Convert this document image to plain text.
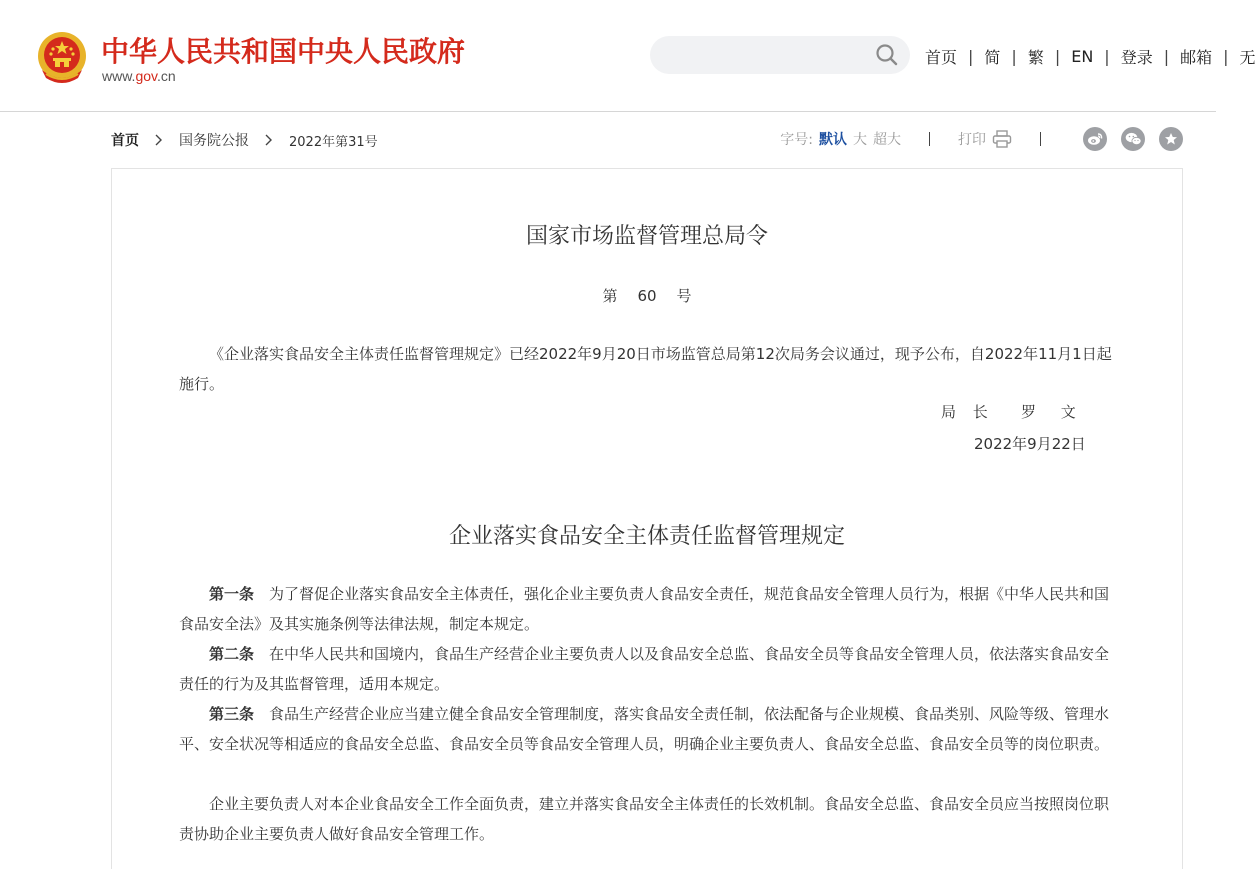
中华人民共和国中央人民政府
www.gov.cn
首页 | 简 | 繁 | EN | 登录 | 邮箱 | 无
首页	国务院公报	2022年第31号	字号: 默认 大 超大	打印
国家市场监督管理总局令
第 60 号
《企业落实食品安全主体责任监督管理规定》已经2022年9月20日市场监管总局第12次局务会议通过，现予公布，自2022年11月1日起施行。
局 长 罗 文
2022年9月22日
企业落实食品安全主体责任监督管理规定
第一条　 为了督促企业落实食品安全主体责任，强化企业主要负责人食品安全责任，规范食品安全管理人员行为，根据《中华人民共和国食品安全法》及其实施条例等法律法规，制定本规定。
第二条　 在中华人民共和国境内，食品生产经营企业主要负责人以及食品安全总监、食品安全员等食品安全管理人员，依法落实食品安全责任的行为及其监督管理，适用本规定。
第三条　 食品生产经营企业应当建立健全食品安全管理制度，落实食品安全责任制，依法配备与企业规模、食品类别、风险等级、管理水平、安全状况等相适应的食品安全总监、食品安全员等食品安全管理人员，明确企业主要负责人、食品安全总监、食品安全员等的岗位职责。
企业主要负责人对本企业食品安全工作全面负责，建立并落实食品安全主体责任的长效机制。食品安全总监、食品安全员应当按照岗位职责协助企业主要负责人做好食品安全管理工作。
